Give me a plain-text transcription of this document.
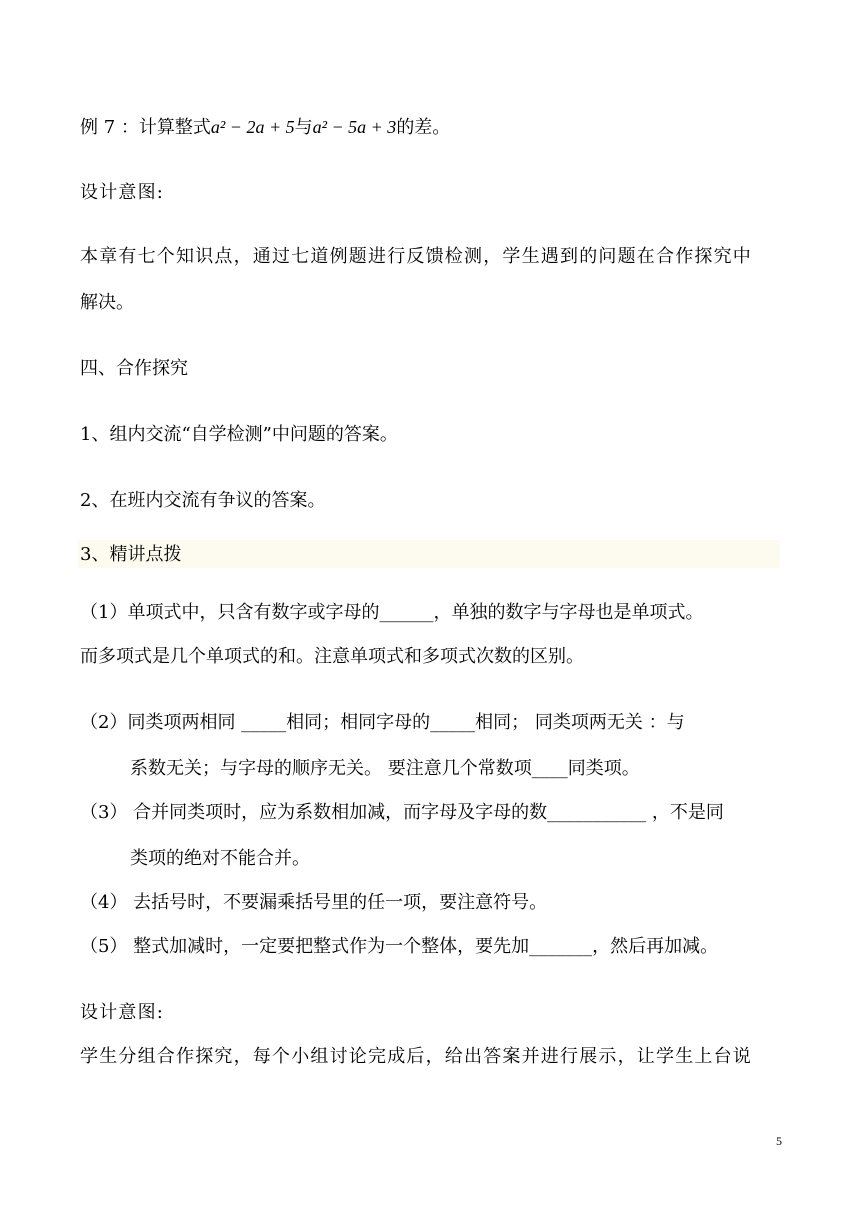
例 7 ：计算整式a² − 2a + 5与a² − 5a + 3的差。
设计意图:
本章有七个知识点，通过七道例题进行反馈检测，学生遇到的问题在合作探究中
解决。
四、合作探究
1、组内交流“自学检测”中问题的答案。
2、在班内交流有争议的答案。
3、精讲点拨
（1）单项式中，只含有数字或字母的______，单独的数字与字母也是单项式。
而多项式是几个单项式的和。注意单项式和多项式次数的区别。
（2）同类项两相同 _____相同；相同字母的_____相同； 同类项两无关 ：与
系数无关；与字母的顺序无关。 要注意几个常数项____同类项。
（3） 合并同类项时，应为系数相加减，而字母及字母的数___________ ，不是同
类项的绝对不能合并。
（4） 去括号时，不要漏乘括号里的任一项，要注意符号。
（5） 整式加减时，一定要把整式作为一个整体，要先加_______，然后再加减。
设计意图:
学生分组合作探究，每个小组讨论完成后，给出答案并进行展示，让学生上台说
5
